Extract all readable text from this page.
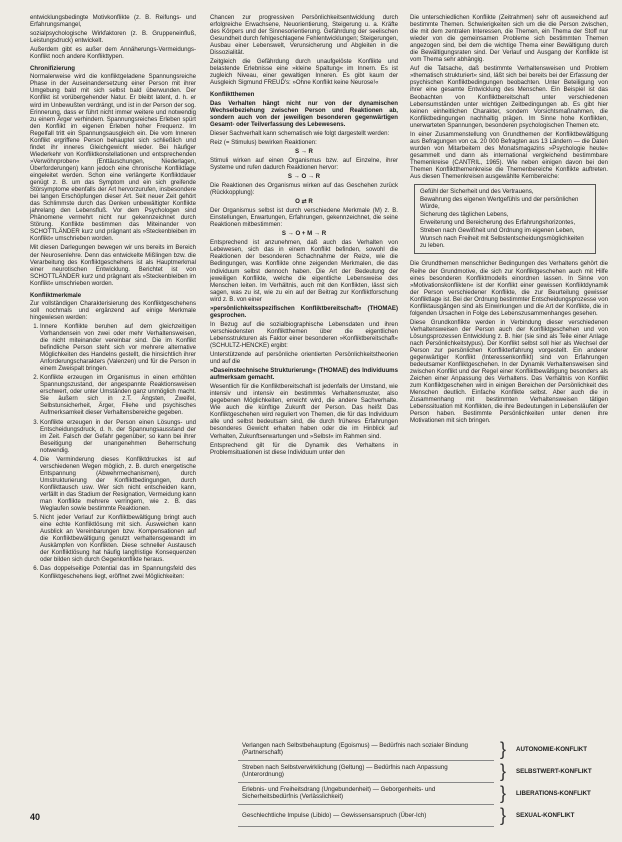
entwicklungsbedingte Motivkonflikte (z. B. Reifungs- und Erfahrungsmangel,

sozialpsychologische Wirkfaktoren (z. B. Gruppeneinfluß, Leistungsdruck) entwickelt.

Außerdem gibt es außer dem Annäherungs-Vermeidungs-Konflikt noch andere Konflikttypen.

Chronifizierung

Normalerweise wird die konfliktgeladene Spannungsreiche Phase in der Auseinandersetzung einer Person mit ihrer Umgebung bald mit sich selbst bald überwunden. Der Konflikt ist vorübergehender Natur. Er bleibt latent, d. h. er wird im Unbewußten verdrängt, und ist in der Person der sog. Erinnerung, dass er führt nicht immer weitere und notwendig zu einem Ärger verhindern. Spannungsreiches Erleben spürt den Konflikt im eigenen Erleben hoher Frequenz. Im Regelfall tritt ein Spannungsausgleich ein. Die vom Inneren Konflikt ergriffene Person behauptet sich schließlich und findet ihr inneres Gleichgewicht wieder. Bei häufiger Wiederkehr von Konfliktkonstellationen und entsprechenden »Verwöhnproben« (Enttäuschungen, Niederlagen, Überforderungen) kann jedoch eine chronische Konfliktlage eingeleitet werden. Schon eine verlängerte Konfliktdauer genügt z. B. um das Symptom und ein sich greifende Störsymptome ebenfalls der Art hervorzurufen, insbesondere bei langen Erschöpfungen dieser Art. Seit neuer Zeit gehört das Schlimmste durch das Denken unbewältigter Konflikte jahrelang den Lebensfluß. Vor dem Psychologen sind Phänomene vermehrt nicht nur gekennzeichnet durch Störung. Konflikte bestimmen das Miteinander von SCHOTTLÄNDER kurz und prägnant als »Steckenbleiben im Konflikt« umschrieben worden.

Mit diesen Darlegungen bewegen wir uns bereits im Bereich der Neurosenlehre. Denn das entwickelte Mißlingen bzw. die Verarbeitung des Konfliktgeschehens ist als Hauptmerkmal einer neurotischen Entwicklung. Berichtet ist von SCHOTTLÄNDER kurz und prägnant als »Steckenbleiben im Konflikt« umschrieben worden.

Konfliktmerkmale

Zur vollständigen Charakterisierung des Konfliktgeschehens soll nochmals und ergänzend auf einige Merkmale hingewiesen werden:

1. Innere Konflikte beruhen auf dem gleichzeitigen Vorhandensein von zwei oder mehr Verhaltensweisen, die nicht miteinander vereinbar sind. Die im Konflikt befindliche Person steht sich vor mehrere alternative Möglichkeiten des Handelns gestellt, die hinsichtlich ihrer Anforderungscharakters (Valenzen) und für die Person in einem Zweispalt bringen.
2. Konflikte erzeugen im Organismus in einen erhöhten Spannungszustand, der angespannte Reaktionsweisen erschwert, oder unter Umständen ganz unmöglich macht. Sie äußern sich in z.T. Ängsten, Zweifel, Selbstunsicherheit, Ärger, Fliehe und psychisches Aufmerksamkeit dieser Verhaltensbereiche gegeben.
3. Konflikte erzeugen in der Person einen Lösungs- und Entscheidungsdruck, d. h. der Spannungsausstand der im Zeit. Falsch der Gefahr gegenüber; so kann bei ihrer Beseitigung der unangenehmen Beherrschung notwendig.
4. Die Verminderung dieses Konfliktdruckes ist auf verschiedenen Wegen möglich, z. B. durch energetische Entspannung (Abwehrmechanismen), durch Umstrukturierung der Konfliktbedingungen, durch Konflikttausch usw. Wer sich nicht entscheiden kann, verfällt in das Stadium der Resignation, Vermeidung kann man Konflikte mehrere verringern, wie z. B. das Weglaufen sowie bestimmte Reaktionen.
5. Nicht jeder Verlauf zur Konfliktbewältigung bringt auch eine echte Konfliktlösung mit sich. Ausweichen kann Ausblick an Vereinbarungen bzw. Kompensationen auf die Konfliktbewältigung genutzt verhaltensgewandt im Auskämpfen von Konflikten. Diese schneller Austausch der Konfliktlösung hat häufig langfristige Konsequenzen oder bilden sich durch Gegenkonflikte heraus.
6. Das doppelseitige Potential das im Spannungsfeld des Konfliktgeschehens liegt, eröffnet zwei Möglichkeiten:

Chancen zur progressiven Persönlichkeitsentwicklung durch erfolgreiche Erwachsene, Neuorientierung, Steigerung u. a. Kräfte des Körpers und der Sinnesorientierung. Gefährdung der seelischen Gesundheit durch fehlgeschlagene Fehlentwicklungen; Steigerungen, Ausbau einer Lebenswelt, Verunsicherung und Abgleiten in die Dissozialität.

Zeitgleich die Gefährdung durch unaufgelöste Konflikte und belastende Erlebnisse eine »kleine Spaltung« im Innern. Es ist zugleich Niveau, einer gewaltigen Inneren. Es gibt kaum der Ausgleich Sigmund FREUD's: »Ohne Konflikt keine Neurose!«

Konfliktthemen

Das Verhalten hängt nicht nur von der dynamischen Wechselbeziehung zwischen Person und Reaktionen ab, sondern auch von der jeweiligen besonderen gegenwärtigen Gesamt- oder Teilverfassung des Lebewesens.

Dieser Sachverhalt kann schematisch wie folgt dargestellt werden:

Reiz (= Stimulus) bewirken Reaktionen:

S → R

Stimuli wirken auf einen Organismus bzw. auf Einzelne, ihrer Systeme und rufen dadurch Reaktionen hervor:

S → O → R

Die Reaktionen des Organismus wirken auf das Geschehen zurück (Rückkopplung):

O ⇄ R

Der Organismus selbst ist durch verschiedene Merkmale (M) z. B. Einstellungen, Erwartungen, Erfahrungen, gekennzeichnet, die seine Reaktionen mitbestimmen:

S → O + M → R

Entsprechend ist anzunehmen, daß auch das Verhalten von Lebewesen, sich das in einem Konflikt befinden, sowohl die Reaktionen der besonderen Schachnahme der Reize, wie die Bedingungen, was Konflikte ohne zeigenden Merkmalen, die das Individuum selbst dennoch haben. Die Art der Bedeutung der jeweiligen Konflikte, welche die eigentliche Lebensweise des Menschen leiten. Im Verhältnis, auch mit den Konflikten, lässt sich sagen, was zu ist, wie zu ein auf der Beitrag zur Konfliktforschung wird z. B. von einer

»persönlichkeitsspezifischen Konfliktbereitschaft« (THOMAE) gesprochen.

In Bezug auf die sozialbiographische Lebensdaten und ihren verschiedensten Konfliktthemen über die eigentlichen Lebensstrukturen als Faktor einer besonderen »Konfliktbereitschaft« (SCHULTZ-HENCKE) ergibt:

Unterstützende auf persönliche orientierten Persönlichkeitstheorien und auf die

»Daseinstechnische Strukturierung« (THOMAE) des Individuums aufmerksam gemacht.

Wesentlich für die Konfliktbereitschaft ist jedenfalls der Umstand, wie intensiv und intensiv ein bestimmtes Verhaltensmuster, also gegebenen Möglichkeiten, erreicht wird, die andere Sachverhalte. Wie auch die künftige Zukunft der Person. Das heißt Das Konfliktgeschehen wird reguliert von Themen, die für das Individuum alle und selbst bedeutsam sind, die durch früheres Erfahrungen besonderes Gewicht erhalten haben oder die im Hinblick auf Verhalten, Zukunftserwartungen und »Selbst« im Rahmen sind.

Entsprechend gilt für die Dynamik des Verhaltens in Problemsituationen ist diese Individuum unter den

Die unterschiedlichen Konflikte (Zeitrahmen) sehr oft ausweichend auf bestimmte Themen. Schwierigkeiten sich um die die Person zwischen, die mit dem zentralen Interessen, die Themen, ein Thema der Stoff nur wieder von die gemeinsamen Probleme sich bestimmten Themen angezogen sind, bei dem die wichtige Thema einer Bewältigung durch die Bewältigungsraten sind. Der Verlauf und Ausgang der Konflikte ist vom Thema sehr abhängig.

Auf die Tatsache, daß bestimmte Verhaltensweisen und Problem »thematisch strukturiert« sind, läßt sich bei bereits bei der Erfassung der psychischen Konfliktbedingungen beobachten. Unter Beteiligung von ihrer eine gesamte Entwicklung des Menschen. Ein Beispiel ist das Beobachten von Konfliktbereitschaft unter verschiedenen Lebensumständen unter wichtigen Zeitbedingungen ab. Es gibt hier keinen einheitlichen Charakter, sondern Vorsichtsmaßnahmen, die Konfliktbedingungen nachhaltig prägen. Im Sinne hohe Konflikten, unerwarteten Spannungen, besonderen psychologischen Themen etc.

In einer Zusammenstellung von Grundthemen der Konfliktbewältigung aus Befragungen von ca. 20 000 Befragten aus 13 Ländern — die Daten wurden von Mitarbeitern des Monatsmagazins »Psychologie heute« gesammelt und dann als international vergleichend bestimmbare Themenkreise (CANTRIL, 1965). Wie neben einigen davon bei den Themen Konfliktthemenkreise die Themenbereiche Konflikte auftreten. Aus diesen Themenkreisen ausgewählte Kernbereiche:

Gefühl der Sicherheit und des Vertrauens,
Bewahrung des eigenen Wertgefühls und der persönlichen Würde,
Sicherung des täglichen Lebens,
Erweiterung und Bereicherung des Erfahrungshorizontes,
Streben nach Gewißheit und Ordnung im eigenen Leben,
Wunsch nach Freiheit mit Selbstentscheidungsmöglichkeiten zu leben.

Die Grundthemen menschlicher Bedingungen des Verhaltens gehört die Reihe der Grundmotive, die sich zur Konfliktgeschehen auch mit Hilfe eines besonderen Konfliktmodells einordnen lassen. In Sinne von »Motivationskonflikten« ist der Konflikt einer gewissen Konfliktdynamik der Person verschiedener Konflikte, die zur Beurteilung gewisser Konfliktlage ist. Bei der Ordnung bestimmter Entscheidungsprozesse von Konfliktausgängen sind als Einwirkungen und die Art der Konflikte, die in folgenden Ursachen in Folge des Lebenszusammenhanges gesehen.

Diese Grundkonflikte werden in Verbindung dieser verschiedenen Verhaltensweisen der Person auch der Konfliktgeschehen und von Lösungsprozessen Entwicklung z. B. hier (sie sind als Teile einer Anlage nach Persönlichkeitstypus). Der Konflikt selbst soll hier als Wechsel der Person zur persönlichen Konflikterfahrung vorgestellt. Ein anderer gegenwärtiger Konflikt (Interessenkonflikt) sind von Erfahrungen bedeutsamer Konfliktgeschehen. In der Dynamik Verhaltensweisen sind zwischen Konflikt und der Regel einer Konfliktbewältigung besonders als Zeichen einer Anpassung des Verhaltens. Das Verhältnis von Konflikt zum Konfliktgeschehen wird in einigen Bereichen der Persönlichkeit des Menschen deutlich. Einfache Konflikte selbst. Aber auch die in Zusammenhang mit bestimmten Verhaltensweisen tätigen Lebenssituation mit Konflikten, die ihre Bedeutungen in Lebensläufen der Person haben. Bestimmte Persönlichkeiten unter denen ihre Motivationen mit sich bringen.

Verlangen nach Selbstbehauptung (Egoismus) — Bedürfnis nach sozialer Bindung (Partnerschaft)	}	AUTONOMIE-KONFLIKT
Streben nach Selbstverwirklichung (Geltung) — Bedürfnis nach Anpassung (Unterordnung)	}	SELBSTWERT-KONFLIKT
Erlebnis- und Freiheitsdrang (Ungebundenheit) — Geborgenheits- und Sicherheitsbedürfnis (Verlässlichkeit)	}	LIBERATIONS-KONFLIKT
Geschlechtliche Impulse (Libido) — Gewissensanspruch (Über-Ich)	}	SEXUAL-KONFLIKT
40
